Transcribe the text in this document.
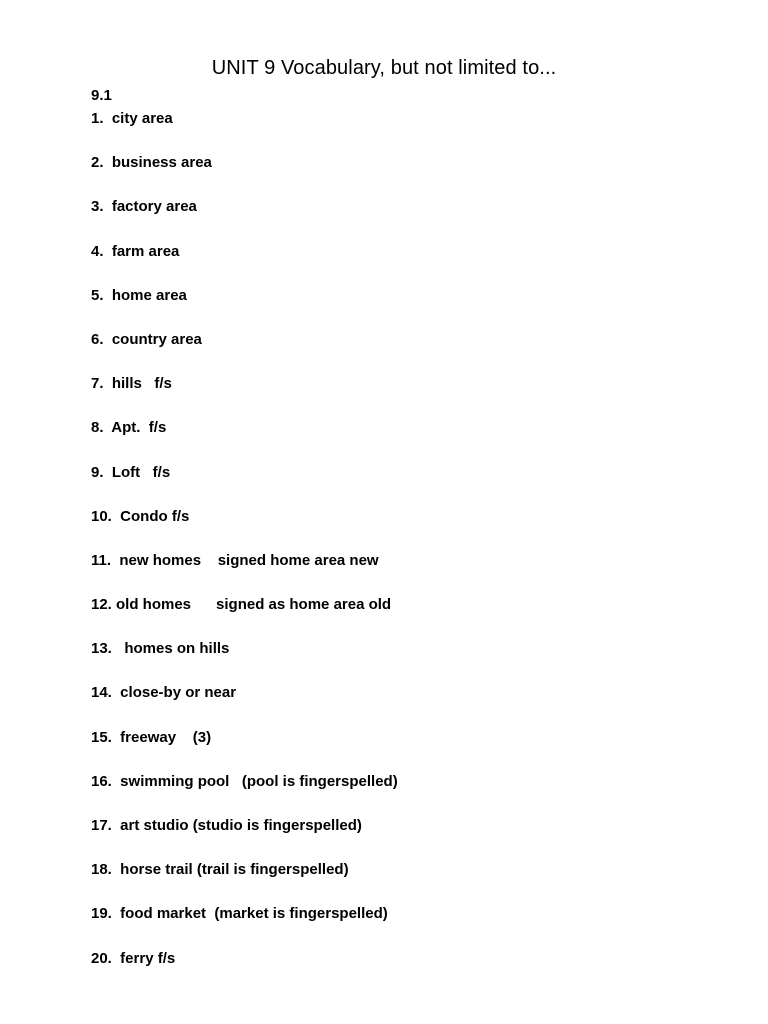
UNIT 9 Vocabulary, but not limited to...
9.1
1.  city area
2.  business area
3.  factory area
4.  farm area
5.  home area
6.  country area
7.  hills   f/s
8.  Apt.  f/s
9.  Loft   f/s
10.  Condo f/s
11.  new homes    signed home area new
12. old homes      signed as home area old
13.   homes on hills
14.  close-by or near
15.  freeway    (3)
16.  swimming pool   (pool is fingerspelled)
17.  art studio (studio is fingerspelled)
18.  horse trail (trail is fingerspelled)
19.  food market  (market is fingerspelled)
20.  ferry f/s
